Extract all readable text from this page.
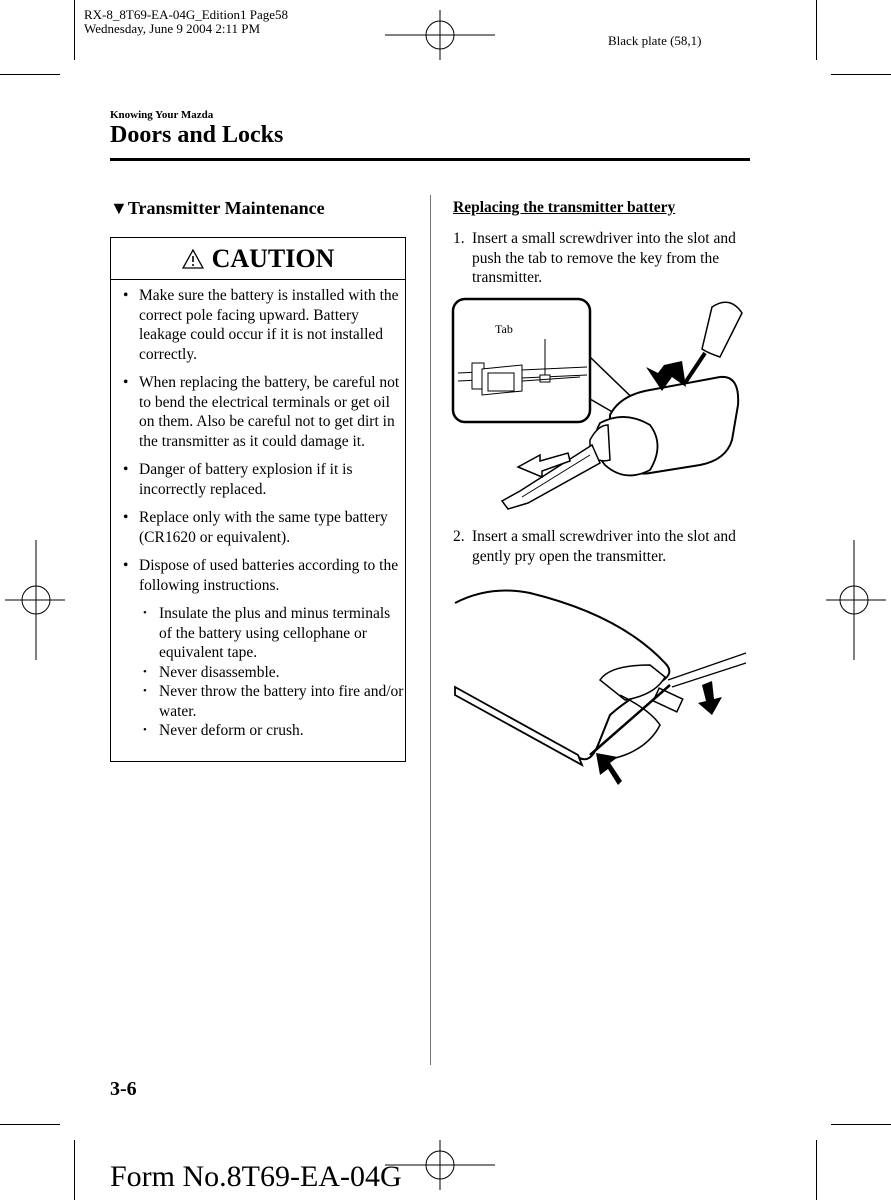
RX-8_8T69-EA-04G_Edition1 Page58
Wednesday, June 9 2004 2:11 PM
Black plate (58,1)
Knowing Your Mazda
Doors and Locks
▼Transmitter Maintenance
CAUTION
• Make sure the battery is installed with the correct pole facing upward. Battery leakage could occur if it is not installed correctly.
• When replacing the battery, be careful not to bend the electrical terminals or get oil on them. Also be careful not to get dirt in the transmitter as it could damage it.
• Danger of battery explosion if it is incorrectly replaced.
• Replace only with the same type battery (CR1620 or equivalent).
• Dispose of used batteries according to the following instructions.
• Insulate the plus and minus terminals of the battery using cellophane or equivalent tape.
• Never disassemble.
• Never throw the battery into fire and/or water.
• Never deform or crush.
Replacing the transmitter battery
1. Insert a small screwdriver into the slot and push the tab to remove the key from the transmitter.
Tab
2. Insert a small screwdriver into the slot and gently pry open the transmitter.
3-6
Form No.8T69-EA-04G
